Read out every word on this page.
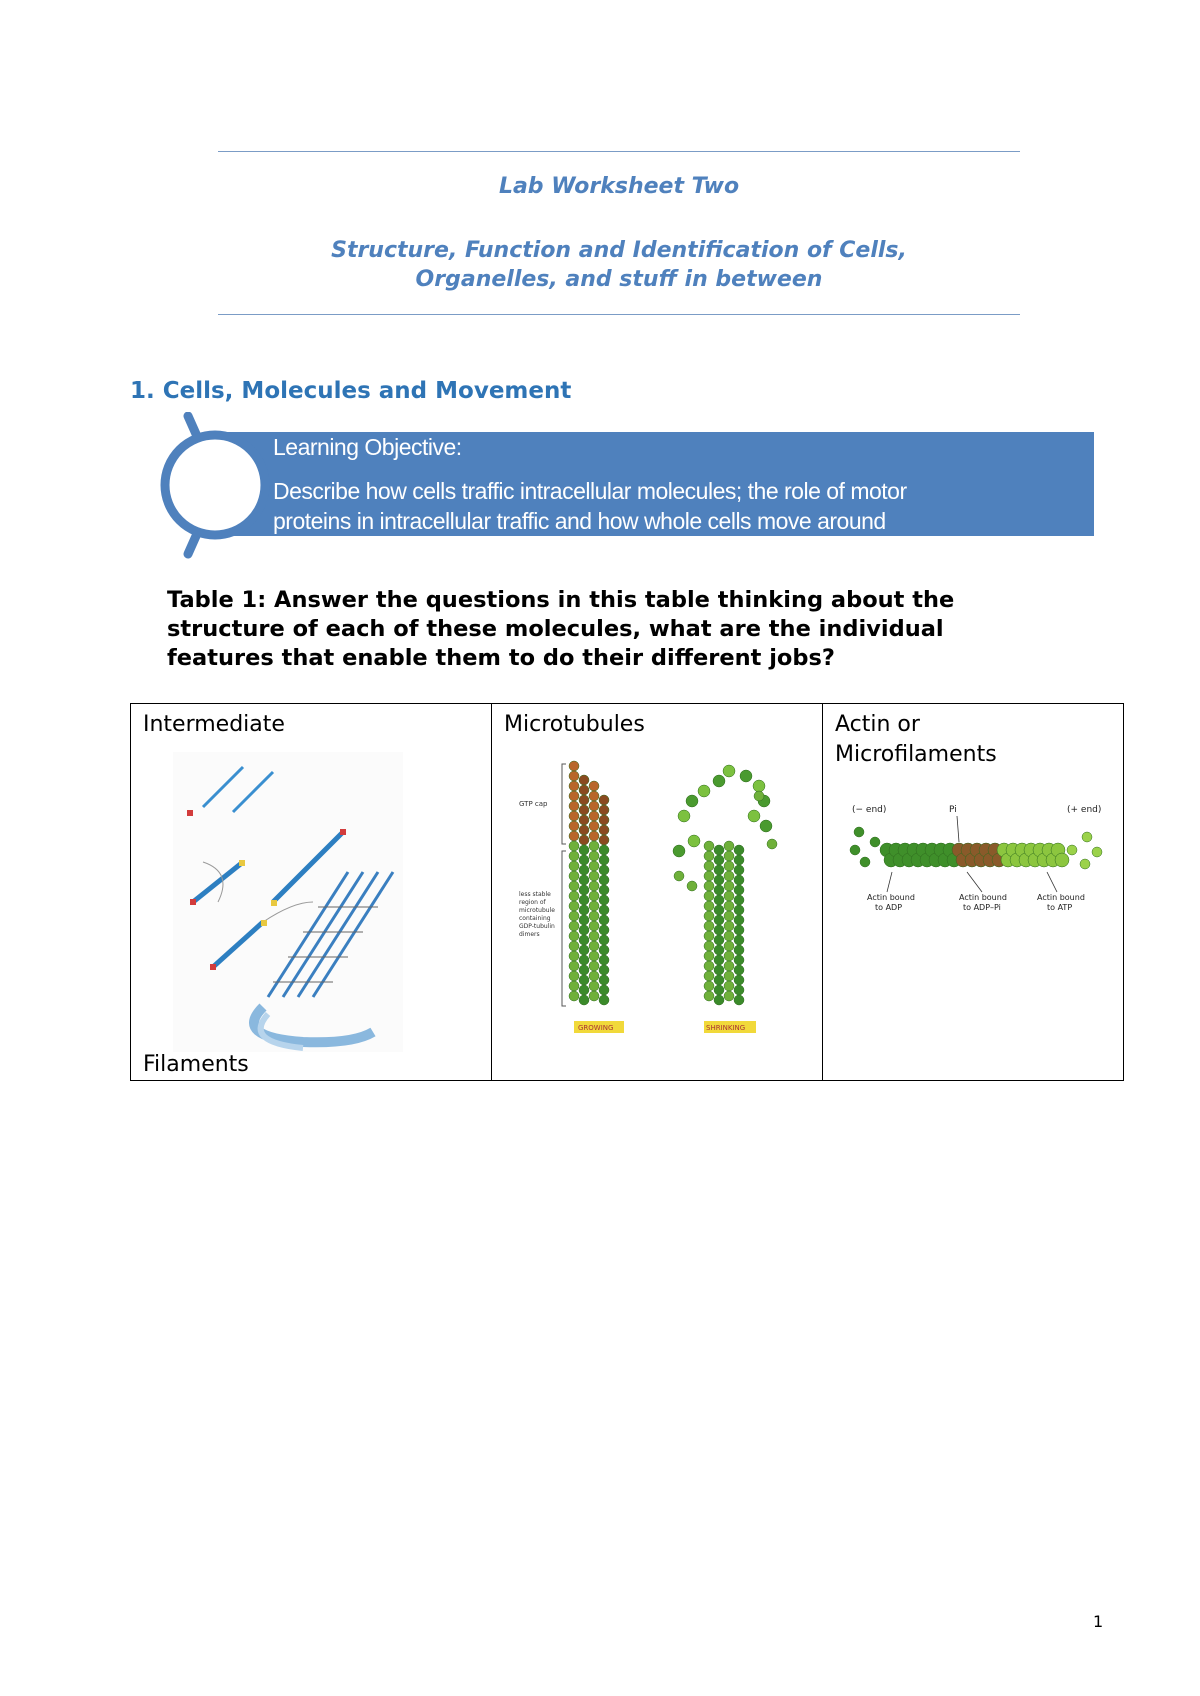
Lab Worksheet Two
Structure, Function and Identification of Cells,
Organelles, and stuff in between
1. Cells, Molecules and Movement
Learning Objective:
Describe how cells traffic intracellular molecules; the role of motor
proteins in intracellular traffic and how whole cells move around
Table 1: Answer the questions in this table thinking about the
structure of each of these molecules, what are the individual
features that enable them to do their different jobs?
Intermediate
Filaments

Microtubules
GTP cap
less stable
region of
microtubule
containing
GDP-tubulin
dimers
GROWING	SHRINKING

Actin or
Microfilaments
(− end)	(+ end)
Pi
Actin bound
to ADP
Actin bound
to ADP–Pi
Actin bound
to ATP
1
